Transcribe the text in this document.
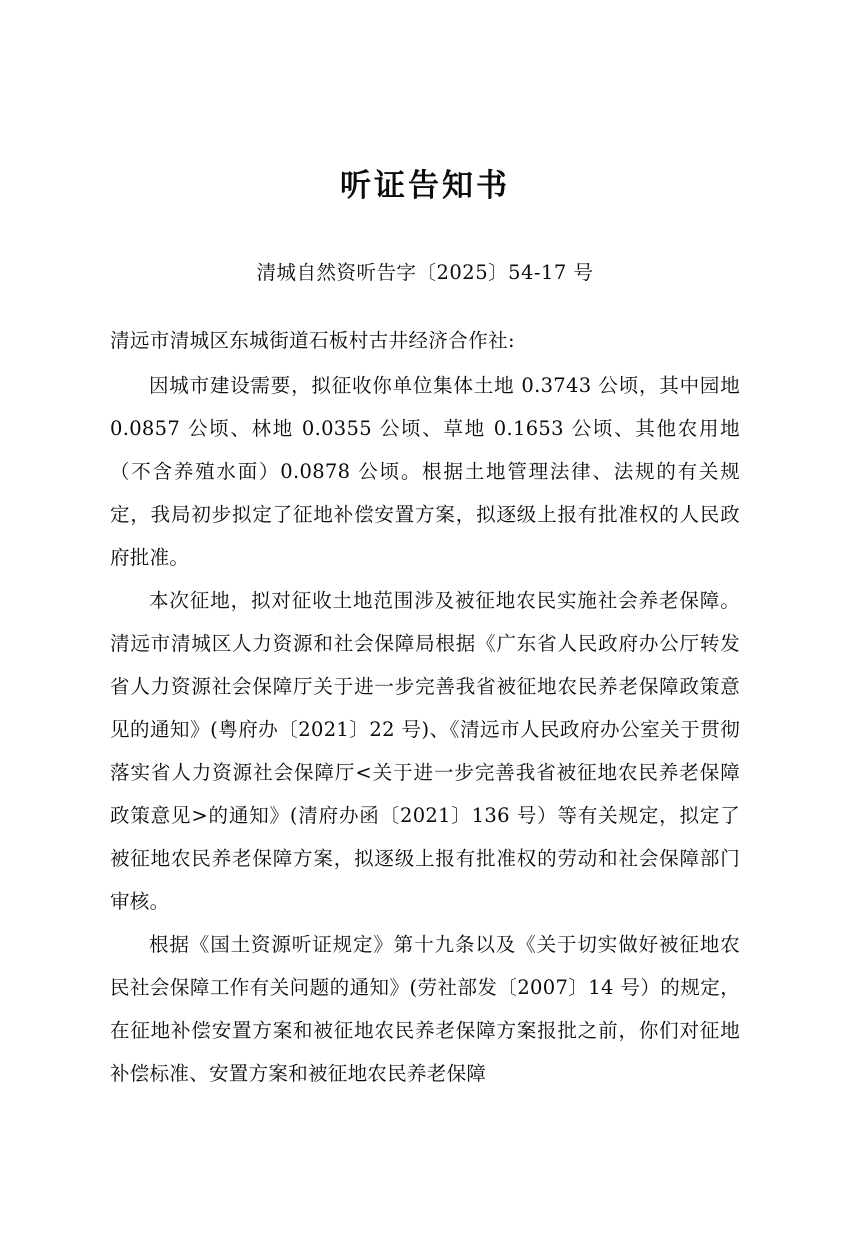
听证告知书

清城自然资听告字〔2025〕54-17 号

清远市清城区东城街道石板村古井经济合作社:

因城市建设需要，拟征收你单位集体土地 0.3743 公顷，其中园地 0.0857 公顷、林地 0.0355 公顷、草地 0.1653 公顷、其他农用地（不含养殖水面）0.0878 公顷。根据土地管理法律、法规的有关规定，我局初步拟定了征地补偿安置方案，拟逐级上报有批准权的人民政府批准。

本次征地，拟对征收土地范围涉及被征地农民实施社会养老保障。清远市清城区人力资源和社会保障局根据《广东省人民政府办公厅转发省人力资源社会保障厅关于进一步完善我省被征地农民养老保障政策意见的通知》(粤府办〔2021〕22 号)、《清远市人民政府办公室关于贯彻落实省人力资源社会保障厅<关于进一步完善我省被征地农民养老保障政策意见>的通知》(清府办函〔2021〕136 号）等有关规定，拟定了被征地农民养老保障方案，拟逐级上报有批准权的劳动和社会保障部门审核。

根据《国土资源听证规定》第十九条以及《关于切实做好被征地农民社会保障工作有关问题的通知》(劳社部发〔2007〕14 号）的规定，在征地补偿安置方案和被征地农民养老保障方案报批之前，你们对征地补偿标准、安置方案和被征地农民养老保障
